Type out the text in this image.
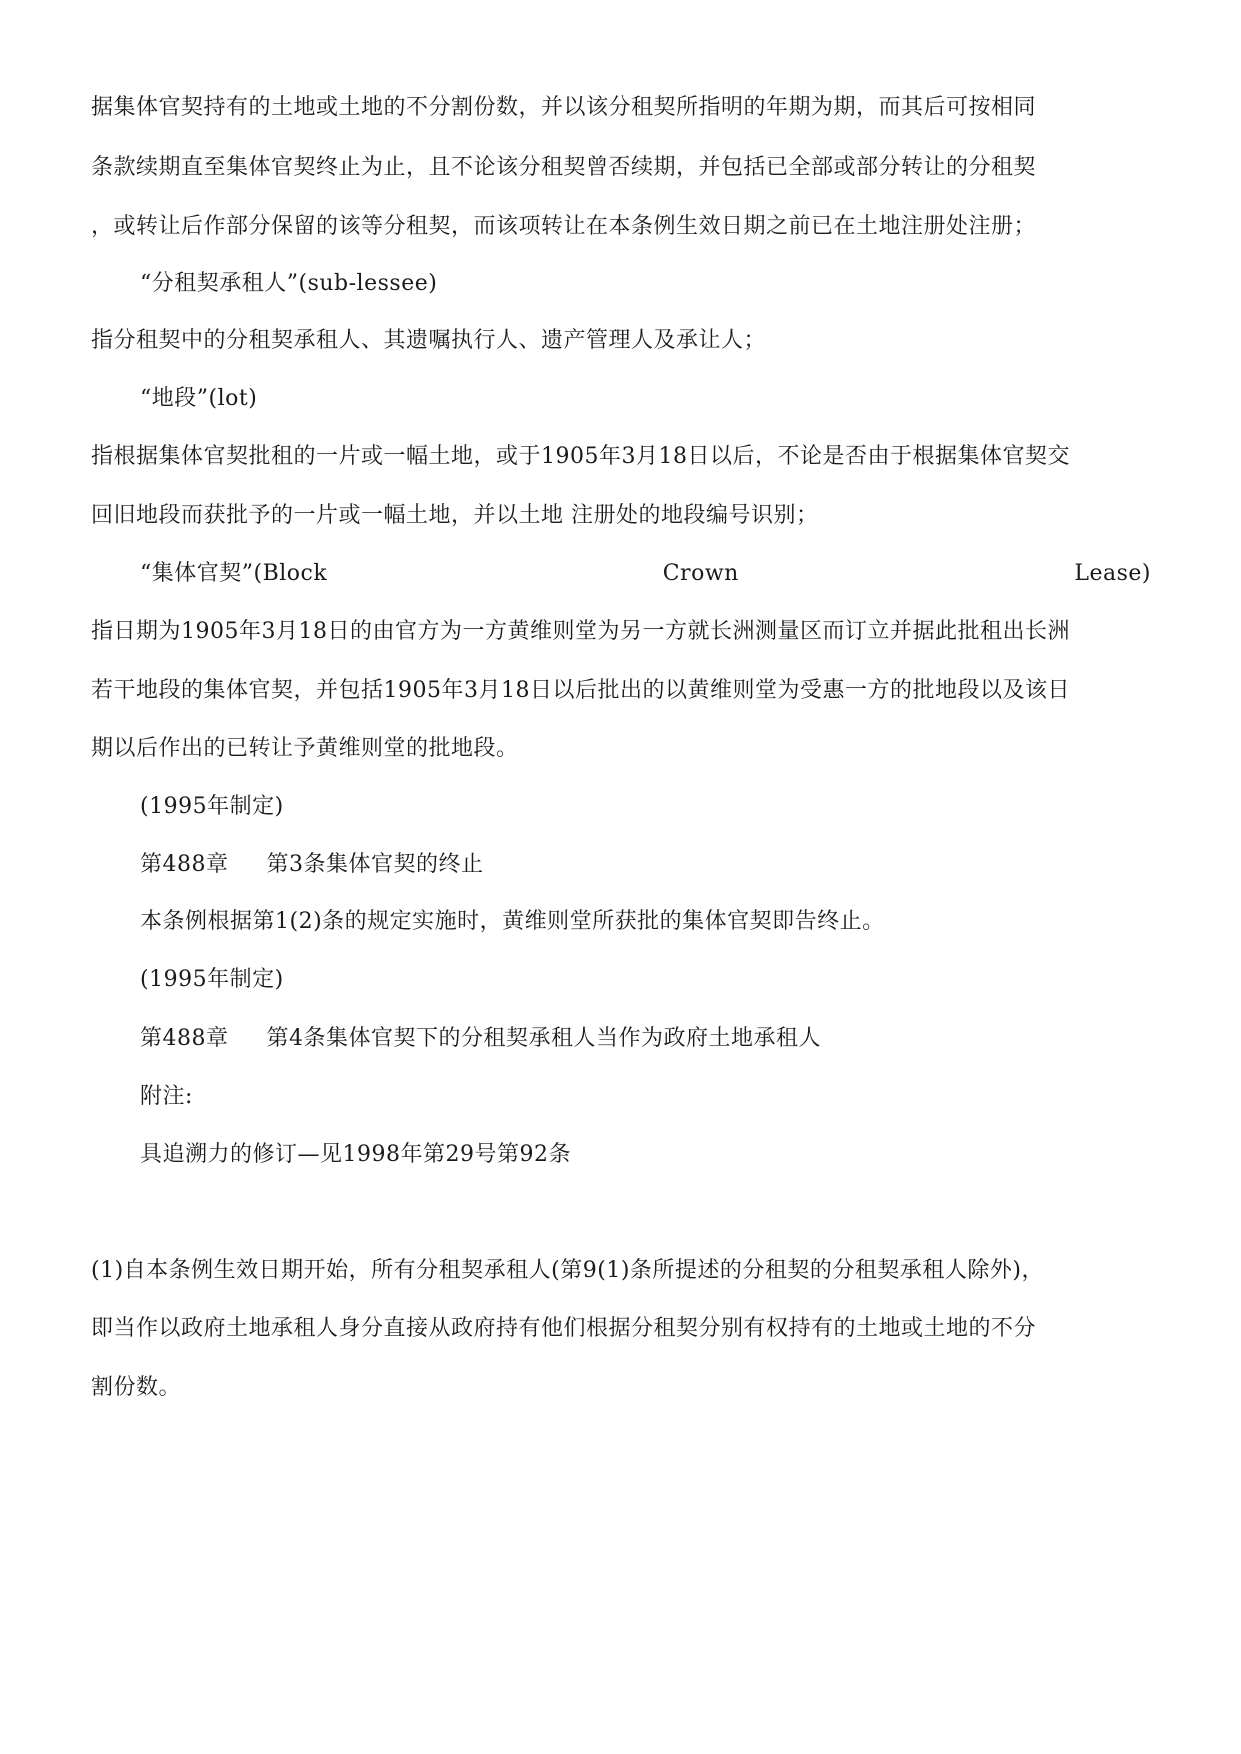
据集体官契持有的土地或土地的不分割份数，并以该分租契所指明的年期为期，而其后可按相同
条款续期直至集体官契终止为止，且不论该分租契曾否续期，并包括已全部或部分转让的分租契
，或转让后作部分保留的该等分租契，而该项转让在本条例生效日期之前已在土地注册处注册；
“分租契承租人”(sub-lessee)
指分租契中的分租契承租人、其遗嘱执行人、遗产管理人及承让人；
“地段”(lot)
指根据集体官契批租的一片或一幅土地，或于1905年3月18日以后，不论是否由于根据集体官契交
回旧地段而获批予的一片或一幅土地，并以土地 注册处的地段编号识别；
“集体官契”(Block	Crown	Lease)
指日期为1905年3月18日的由官方为一方黄维则堂为另一方就长洲测量区而订立并据此批租出长洲
若干地段的集体官契，并包括1905年3月18日以后批出的以黄维则堂为受惠一方的批地段以及该日
期以后作出的已转让予黄维则堂的批地段。
(1995年制定)
第488章 第3条集体官契的终止
本条例根据第1(2)条的规定实施时，黄维则堂所获批的集体官契即告终止。
(1995年制定)
第488章 第4条集体官契下的分租契承租人当作为政府土地承租人
附注:
具追溯力的修订—见1998年第29号第92条
(1)自本条例生效日期开始，所有分租契承租人(第9(1)条所提述的分租契的分租契承租人除外)，
即当作以政府土地承租人身分直接从政府持有他们根据分租契分别有权持有的土地或土地的不分
割份数。
